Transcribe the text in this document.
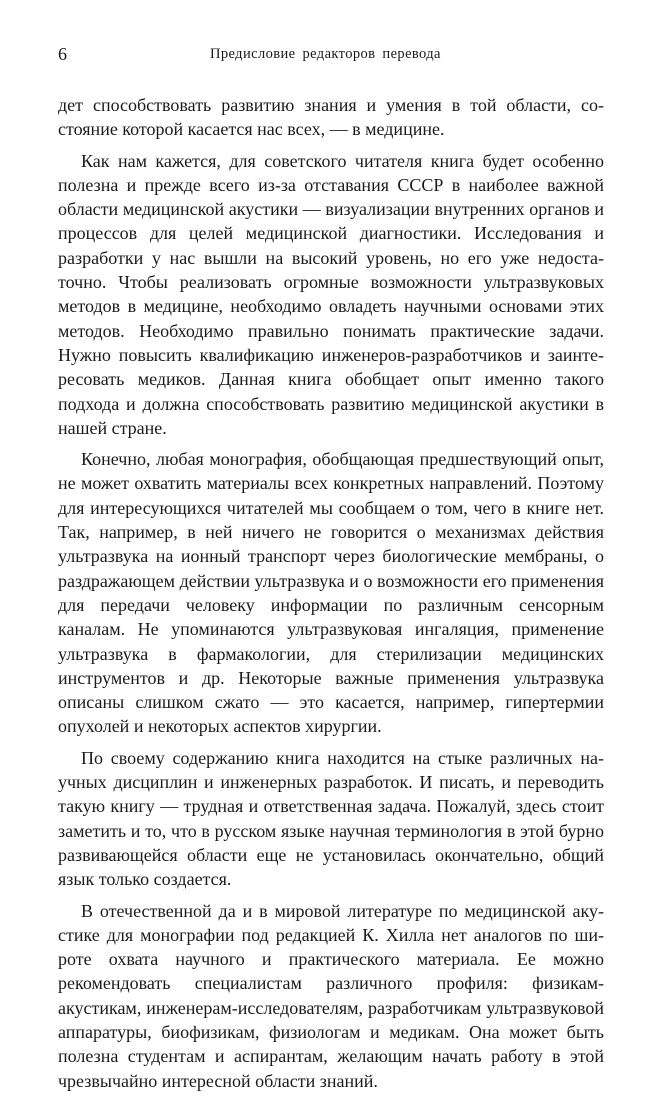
6	Предисловие редакторов перевода

дет способствовать развитию знания и умения в той области, состояние которой касается нас всех, — в медицине.

Как нам кажется, для советского читателя книга будет особенно полезна и прежде всего из-за отставания СССР в наиболее важной области медицинской акустики — визуализации внутренних органов и процессов для целей медицинской диагностики. Исследования и разработки у нас вышли на высокий уровень, но его уже недостаточно. Чтобы реализовать огромные возможности ультразвуковых методов в медицине, необходимо овладеть научными основами этих методов. Необходимо правильно понимать практические задачи. Нужно повысить квалификацию инженеров-разработчиков и заинтересовать медиков. Данная книга обобщает опыт именно такого подхода и должна способствовать развитию медицинской акустики в нашей стране.

Конечно, любая монография, обобщающая предшествующий опыт, не может охватить материалы всех конкретных направлений. Поэтому для интересующихся читателей мы сообщаем о том, чего в книге нет. Так, например, в ней ничего не говорится о механизмах действия ультразвука на ионный транспорт через биологические мембраны, о раздражающем действии ультразвука и о возможности его применения для передачи человеку информации по различным сенсорным каналам. Не упоминаются ультразвуковая ингаляция, применение ультразвука в фармакологии, для стерилизации медицинских инструментов и др. Некоторые важные применения ультразвука описаны слишком сжато — это касается, например, гипертермии опухолей и некоторых аспектов хирургии.

По своему содержанию книга находится на стыке различных научных дисциплин и инженерных разработок. И писать, и переводить такую книгу — трудная и ответственная задача. Пожалуй, здесь стоит заметить и то, что в русском языке научная терминология в этой бурно развивающейся области еще не установилась окончательно, общий язык только создается.

В отечественной да и в мировой литературе по медицинской акустике для монографии под редакцией К. Хилла нет аналогов по широте охвата научного и практического материала. Ее можно рекомендовать специалистам различного профиля: физикам-акустикам, инженерам-исследователям, разработчикам ультразвуковой аппаратуры, биофизикам, физиологам и медикам. Она может быть полезна студентам и аспирантам, желающим начать работу в этой чрезвычайно интересной области знаний.
